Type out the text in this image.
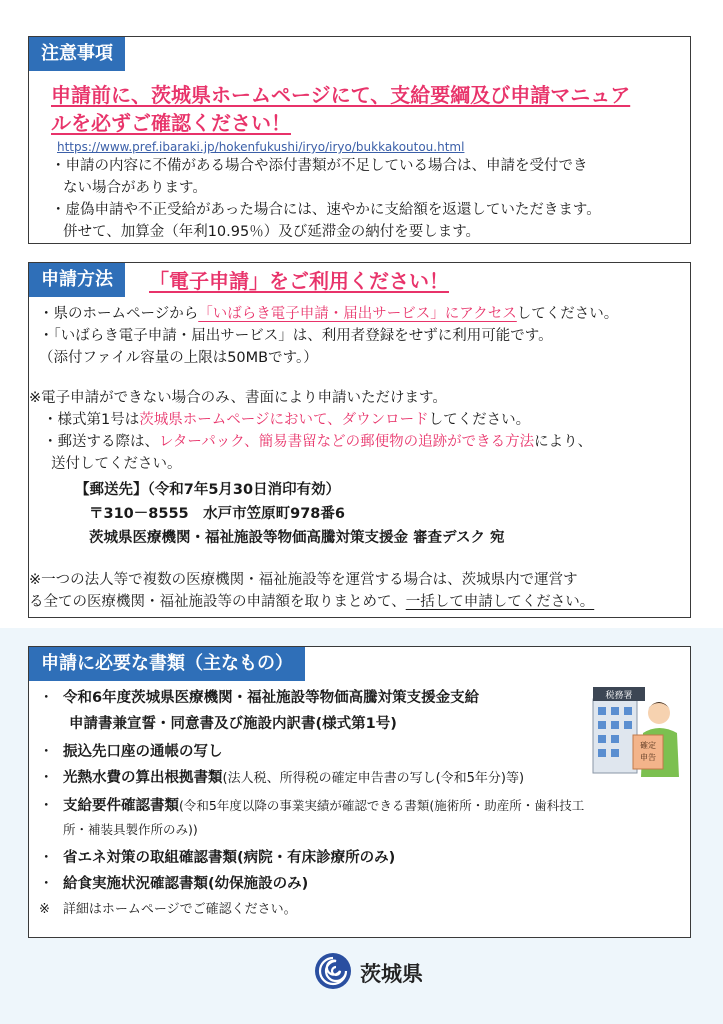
注意事項
申請前に、茨城県ホームページにて、支給要綱及び申請マニュア
ルを必ずご確認ください！
https://www.pref.ibaraki.jp/hokenfukushi/iryo/iryo/bukkakoutou.html
・申請の内容に不備がある場合や添付書類が不足している場合は、申請を受付でき
ない場合があります。
・虚偽申請や不正受給があった場合には、速やかに支給額を返還していただきます。
併せて、加算金（年利10.95％）及び延滞金の納付を要します。
申請方法	「電子申請」をご利用ください！
・県のホームページから「いばらき電子申請・届出サービス」にアクセスしてください。
・「いばらき電子申請・届出サービス」は、利用者登録をせずに利用可能です。
（添付ファイル容量の上限は50MBです。）
※電子申請ができない場合のみ、書面により申請いただけます。
・様式第1号は茨城県ホームページにおいて、ダウンロードしてください。
・郵送する際は、レターパック、簡易書留などの郵便物の追跡ができる方法により、
送付してください。
【郵送先】（令和7年5月30日消印有効）
〒310－8555　水戸市笠原町978番6
茨城県医療機関・福祉施設等物価高騰対策支援金 審査デスク 宛
※一つの法人等で複数の医療機関・福祉施設等を運営する場合は、茨城県内で運営す
る全ての医療機関・福祉施設等の申請額を取りまとめて、一括して申請してください。
申請に必要な書類（主なもの）
・ 令和6年度茨城県医療機関・福祉施設等物価高騰対策支援金支給
申請書兼宣誓・同意書及び施設内訳書(様式第1号)
・ 振込先口座の通帳の写し
・ 光熱水費の算出根拠書類(法人税、所得税の確定申告書の写し(令和5年分)等)
・ 支給要件確認書類(令和5年度以降の事業実績が確認できる書類(施術所・助産所・歯科技工
所・補装具製作所のみ))
・ 省エネ対策の取組確認書類(病院・有床診療所のみ)
・ 給食実施状況確認書類(幼保施設のみ)
※　詳細はホームページでご確認ください。
税務署
確定
申告
茨城県
